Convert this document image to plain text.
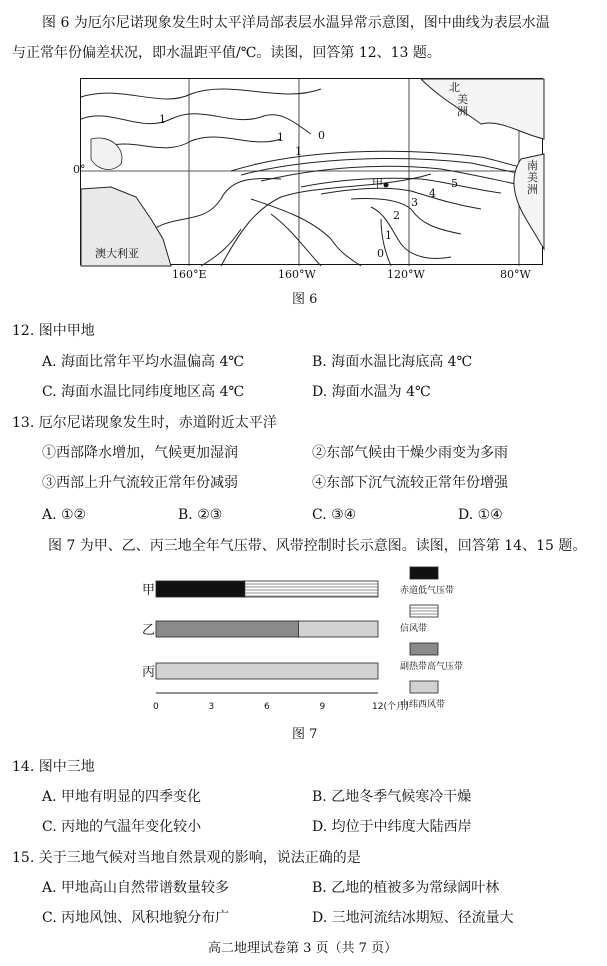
图 6 为厄尔尼诺现象发生时太平洋局部表层水温异常示意图，图中曲线为表层水温
与正常年份偏差状况，即水温距平值/℃。读图，回答第 12、13 题。
0°
澳大利亚
北
美
洲
南
美
洲
甲
1
1	0
1
5
4
3
2
1
0
160°E	160°W	120°W	80°W
图 6
12. 图中甲地
A. 海面比常年平均水温偏高 4℃	B. 海面水温比海底高 4℃
C. 海面水温比同纬度地区高 4℃	D. 海面水温为 4℃
13. 厄尔尼诺现象发生时，赤道附近太平洋
①西部降水增加，气候更加湿润	②东部气候由干燥少雨变为多雨
③西部上升气流较正常年份减弱	④东部下沉气流较正常年份增强
A. ①②	B. ②③	C. ③④	D. ①④
图 7 为甲、乙、丙三地全年气压带、风带控制时长示意图。读图，回答第 14、15 题。
甲
乙
丙
0	3	6	9	12(个月)
赤道低气压带
信风带
副热带高气压带
中纬西风带
图 7
14. 图中三地
A. 甲地有明显的四季变化	B. 乙地冬季气候寒冷干燥
C. 丙地的气温年变化较小	D. 均位于中纬度大陆西岸
15. 关于三地气候对当地自然景观的影响，说法正确的是
A. 甲地高山自然带谱数量较多	B. 乙地的植被多为常绿阔叶林
C. 丙地风蚀、风积地貌分布广	D. 三地河流结冰期短、径流量大
高二地理试卷第 3 页（共 7 页）
